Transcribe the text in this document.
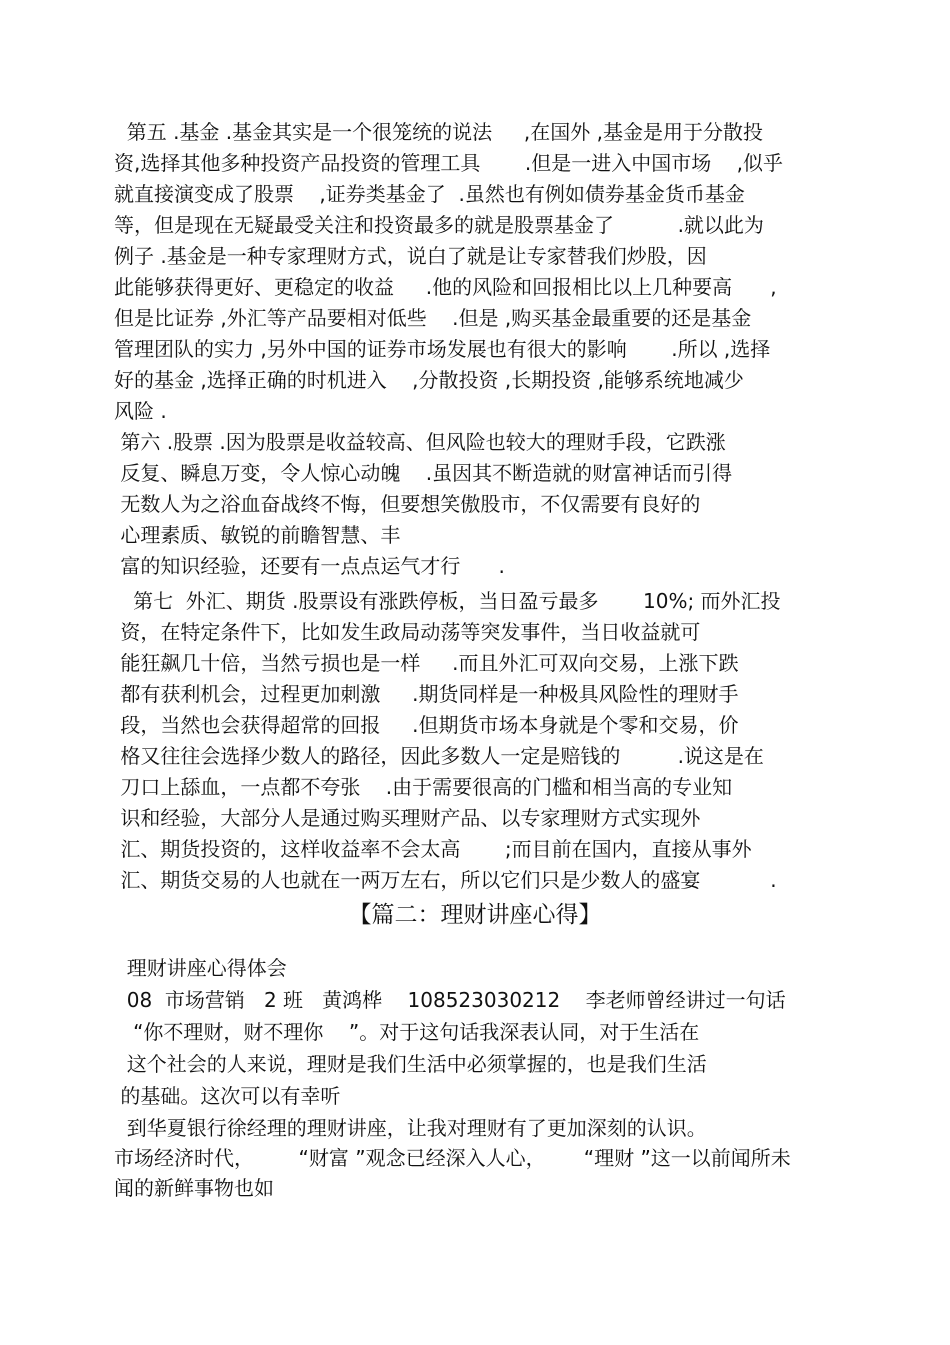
第五 .基金 .基金其实是一个很笼统的说法     ,在国外 ,基金是用于分散投
资,选择其他多种投资产品投资的管理工具       .但是一进入中国市场    ,似乎
就直接演变成了股票    ,证券类基金了  .虽然也有例如债券基金货币基金
等，但是现在无疑最受关注和投资最多的就是股票基金了          .就以此为
例子 .基金是一种专家理财方式，说白了就是让专家替我们炒股，因
此能够获得更好、更稳定的收益     .他的风险和回报相比以上几种要高      ,
但是比证券 ,外汇等产品要相对低些    .但是 ,购买基金最重要的还是基金
管理团队的实力 ,另外中国的证券市场发展也有很大的影响       .所以 ,选择
好的基金 ,选择正确的时机进入    ,分散投资 ,长期投资 ,能够系统地减少
风险 .
第六 .股票 .因为股票是收益较高、但风险也较大的理财手段，它跌涨
反复、瞬息万变，令人惊心动魄    .虽因其不断造就的财富神话而引得
无数人为之浴血奋战终不悔，但要想笑傲股市，不仅需要有良好的
心理素质、敏锐的前瞻智慧、丰
富的知识经验，还要有一点点运气才行      .
第七  外汇、期货 .股票设有涨跌停板，当日盈亏最多       10%; 而外汇投
资，在特定条件下，比如发生政局动荡等突发事件，当日收益就可
能狂飙几十倍，当然亏损也是一样     .而且外汇可双向交易，上涨下跌
都有获利机会，过程更加刺激     .期货同样是一种极具风险性的理财手
段，当然也会获得超常的回报     .但期货市场本身就是个零和交易，价
格又往往会选择少数人的路径，因此多数人一定是赔钱的         .说这是在
刀口上舔血，一点都不夸张    .由于需要很高的门槛和相当高的专业知
识和经验，大部分人是通过购买理财产品、以专家理财方式实现外
汇、期货投资的，这样收益率不会太高       ;而目前在国内，直接从事外
汇、期货交易的人也就在一两万左右，所以它们只是少数人的盛宴           .
【篇二：理财讲座心得】
理财讲座心得体会
08  市场营销   2 班   黄鸿桦    108523030212    李老师曾经讲过一句话
“你不理财，财不理你    ”。对于这句话我深表认同，对于生活在
这个社会的人来说，理财是我们生活中必须掌握的，也是我们生活
的基础。这次可以有幸听
到华夏银行徐经理的理财讲座，让我对理财有了更加深刻的认识。
市场经济时代，       “财富 ”观念已经深入人心，      “理财 ”这一以前闻所未
闻的新鲜事物也如
